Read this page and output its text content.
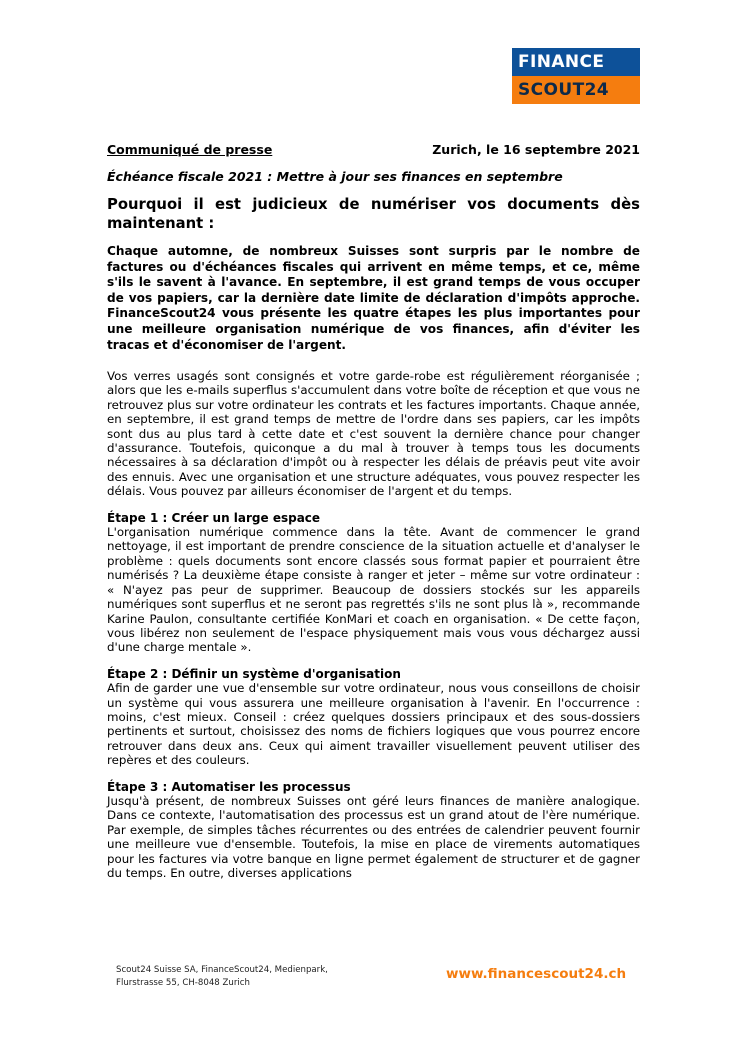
FINANCE
SCOUT24
Communiqué de presse	Zurich, le 16 septembre 2021
Échéance fiscale 2021 : Mettre à jour ses finances en septembre
Pourquoi il est judicieux de numériser vos documents dès maintenant :
Chaque automne, de nombreux Suisses sont surpris par le nombre de factures ou d'échéances fiscales qui arrivent en même temps, et ce, même s'ils le savent à l'avance. En septembre, il est grand temps de vous occuper de vos papiers, car la dernière date limite de déclaration d'impôts approche. FinanceScout24 vous présente les quatre étapes les plus importantes pour une meilleure organisation numérique de vos finances, afin d'éviter les tracas et d'économiser de l'argent.

Vos verres usagés sont consignés et votre garde-robe est régulièrement réorganisée ; alors que les e-mails superflus s'accumulent dans votre boîte de réception et que vous ne retrouvez plus sur votre ordinateur les contrats et les factures importants. Chaque année, en septembre, il est grand temps de mettre de l'ordre dans ses papiers, car les impôts sont dus au plus tard à cette date et c'est souvent la dernière chance pour changer d'assurance. Toutefois, quiconque a du mal à trouver à temps tous les documents nécessaires à sa déclaration d'impôt ou à respecter les délais de préavis peut vite avoir des ennuis. Avec une organisation et une structure adéquates, vous pouvez respecter les délais. Vous pouvez par ailleurs économiser de l'argent et du temps.

Étape 1 : Créer un large espace

L'organisation numérique commence dans la tête. Avant de commencer le grand nettoyage, il est important de prendre conscience de la situation actuelle et d'analyser le problème : quels documents sont encore classés sous format papier et pourraient être numérisés ? La deuxième étape consiste à ranger et jeter – même sur votre ordinateur : « N'ayez pas peur de supprimer. Beaucoup de dossiers stockés sur les appareils numériques sont superflus et ne seront pas regrettés s'ils ne sont plus là », recommande Karine Paulon, consultante certifiée KonMari et coach en organisation. « De cette façon, vous libérez non seulement de l'espace physiquement mais vous vous déchargez aussi d'une charge mentale ».

Étape 2 : Définir un système d'organisation

Afin de garder une vue d'ensemble sur votre ordinateur, nous vous conseillons de choisir un système qui vous assurera une meilleure organisation à l'avenir. En l'occurrence : moins, c'est mieux. Conseil : créez quelques dossiers principaux et des sous-dossiers pertinents et surtout, choisissez des noms de fichiers logiques que vous pourrez encore retrouver dans deux ans. Ceux qui aiment travailler visuellement peuvent utiliser des repères et des couleurs.

Étape 3 : Automatiser les processus

Jusqu'à présent, de nombreux Suisses ont géré leurs finances de manière analogique. Dans ce contexte, l'automatisation des processus est un grand atout de l'ère numérique. Par exemple, de simples tâches récurrentes ou des entrées de calendrier peuvent fournir une meilleure vue d'ensemble. Toutefois, la mise en place de virements automatiques pour les factures via votre banque en ligne permet également de structurer et de gagner du temps. En outre, diverses applications

Scout24 Suisse SA, FinanceScout24, Medienpark,
Flurstrasse 55, CH-8048 Zurich
www.financescout24.ch
